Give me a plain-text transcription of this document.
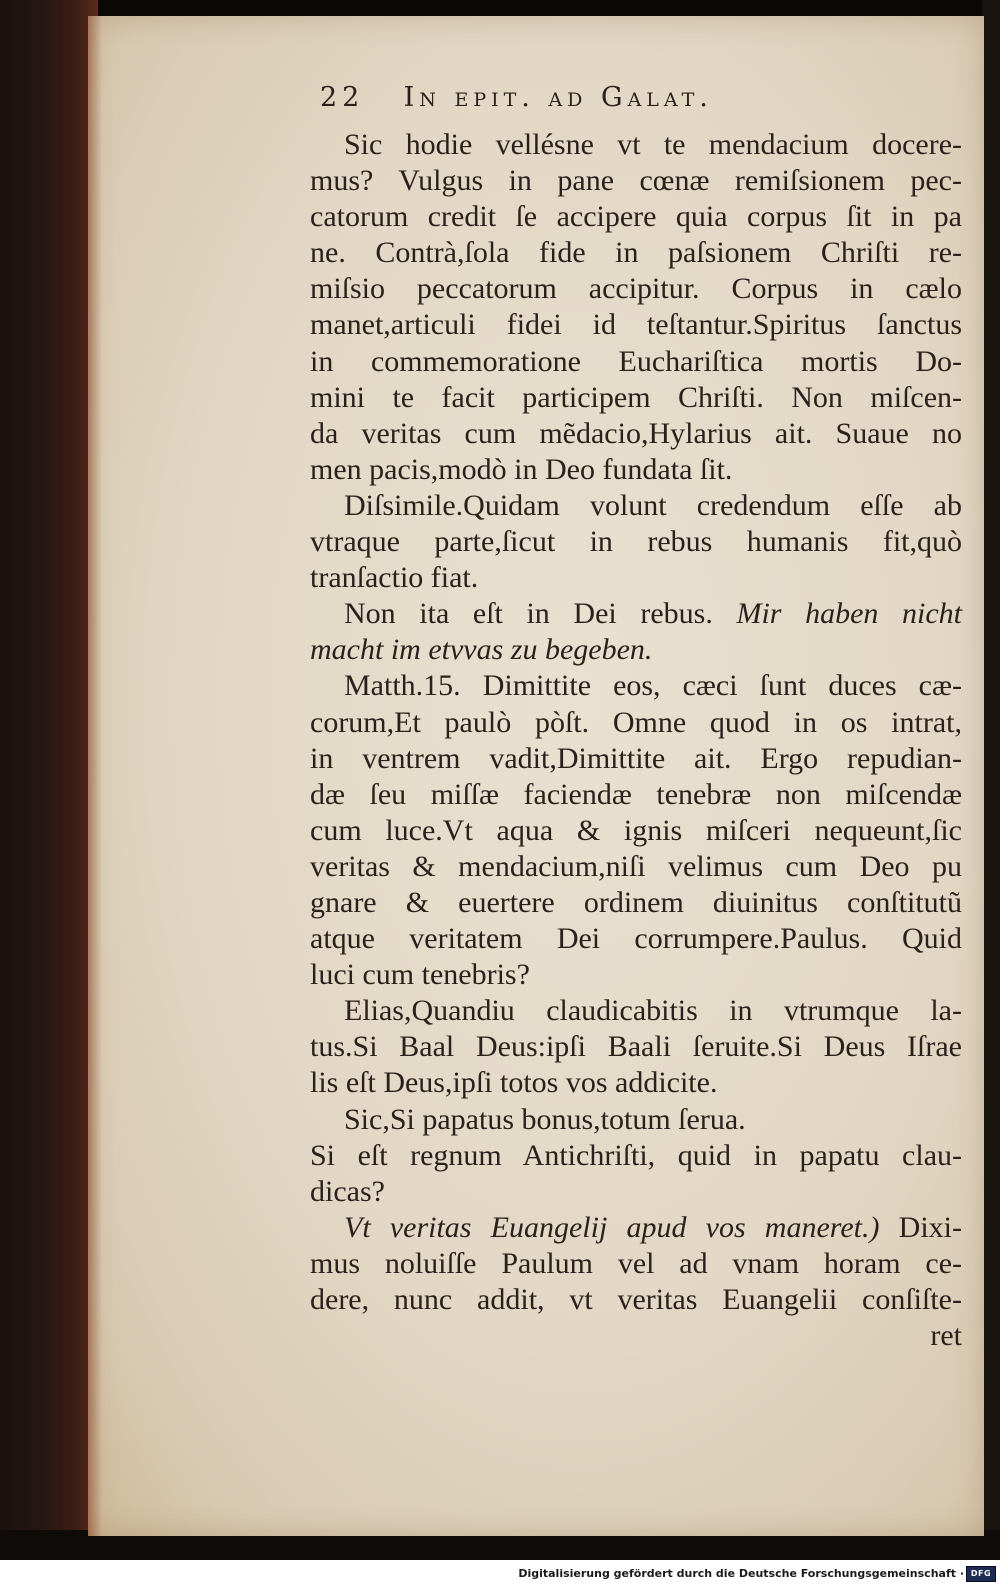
22 In epit. ad Galat.
Sic hodie vellésne vt te mendacium docere-
mus? Vulgus in pane cœnæ remiſsionem pec-
catorum credit ſe accipere quia corpus ſit in pa
ne. Contrà,ſola fide in paſsionem Chriſti re-
miſsio peccatorum accipitur. Corpus in cælo
manet,articuli fidei id teſtantur.Spiritus ſanctus
in commemoratione Euchariſtica mortis Do-
mini te facit participem Chriſti. Non miſcen-
da veritas cum mẽdacio,Hylarius ait. Suaue no
men pacis,modò in Deo fundata ſit.
Diſsimile.Quidam volunt credendum eſſe ab
vtraque parte,ſicut in rebus humanis fit,quò
tranſactio fiat.
Non ita eſt in Dei rebus. Mir haben nicht
macht im etvvas zu begeben.
Matth.15. Dimittite eos, cæci ſunt duces cæ-
corum,Et paulò pòſt. Omne quod in os intrat,
in ventrem vadit,Dimittite ait. Ergo repudian-
dæ ſeu miſſæ faciendæ tenebræ non miſcendæ
cum luce.Vt aqua & ignis miſceri nequeunt,ſic
veritas & mendacium,niſi velimus cum Deo pu
gnare & euertere ordinem diuinitus conſtitutũ
atque veritatem Dei corrumpere.Paulus. Quid
luci cum tenebris?
Elias,Quandiu claudicabitis in vtrumque la-
tus.Si Baal Deus:ipſi Baali ſeruite.Si Deus Iſrae
lis eſt Deus,ipſi totos vos addicite.
Sic,Si papatus bonus,totum ſerua.
Si eſt regnum Antichriſti, quid in papatu clau-
dicas?
Vt veritas Euangelij apud vos maneret.) Dixi-
mus noluiſſe Paulum vel ad vnam horam ce-
dere, nunc addit, vt veritas Euangelii conſiſte-
ret
Digitalisierung gefördert durch die Deutsche Forschungsgemeinschaft · DFG
